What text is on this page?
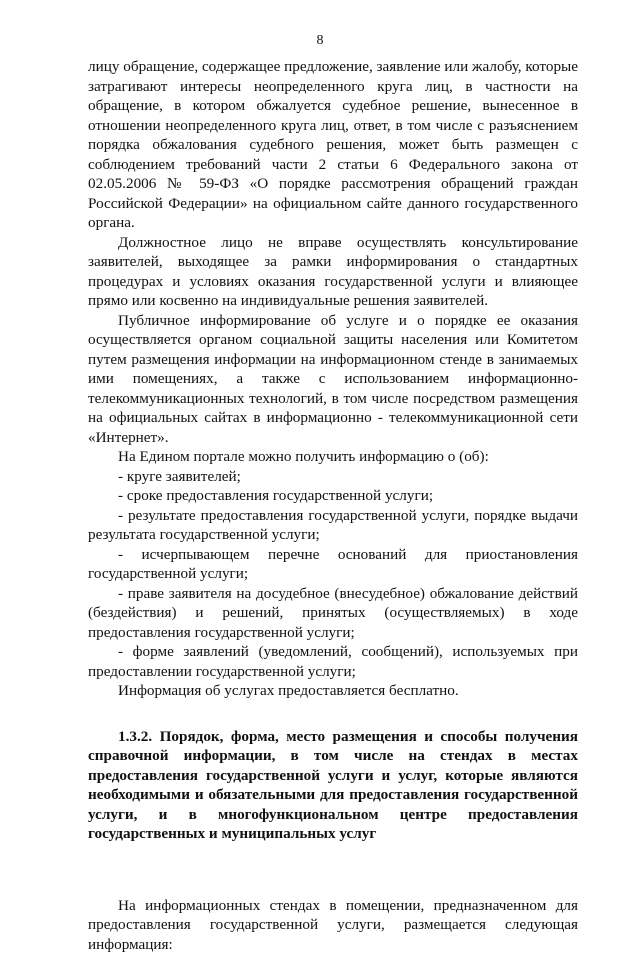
8

лицу обращение, содержащее предложение, заявление или жалобу, которые затрагивают интересы неопределенного круга лиц, в частности на обращение, в котором обжалуется судебное решение, вынесенное в отношении неопределенного круга лиц, ответ, в том числе с разъяснением порядка обжалования судебного решения, может быть размещен с соблюдением требований части 2 статьи 6 Федерального закона от 02.05.2006 № 59-ФЗ «О порядке рассмотрения обращений граждан Российской Федерации» на официальном сайте данного государственного органа.

Должностное лицо не вправе осуществлять консультирование заявителей, выходящее за рамки информирования о стандартных процедурах и условиях оказания государственной услуги и влияющее прямо или косвенно на индивидуальные решения заявителей.

Публичное информирование об услуге и о порядке ее оказания осуществляется органом социальной защиты населения или Комитетом путем размещения информации на информационном стенде в занимаемых ими помещениях, а также с использованием информационно-телекоммуникационных технологий, в том числе посредством размещения на официальных сайтах в информационно - телекоммуникационной сети «Интернет».

На Едином портале можно получить информацию о (об):

- круге заявителей;

- сроке предоставления государственной услуги;

- результате предоставления государственной услуги, порядке выдачи результата государственной услуги;

- исчерпывающем перечне оснований для приостановления государственной услуги;

- праве заявителя на досудебное (внесудебное) обжалование действий (бездействия) и решений, принятых (осуществляемых) в ходе предоставления государственной услуги;

- форме заявлений (уведомлений, сообщений), используемых при предоставлении государственной услуги;

Информация об услугах предоставляется бесплатно.

1.3.2. Порядок, форма, место размещения и способы получения справочной информации, в том числе на стендах в местах предоставления государственной услуги и услуг, которые являются необходимыми и обязательными для предоставления государственной услуги, и в многофункциональном центре предоставления государственных и муниципальных услуг

На информационных стендах в помещении, предназначенном для предоставления государственной услуги, размещается следующая информация:
